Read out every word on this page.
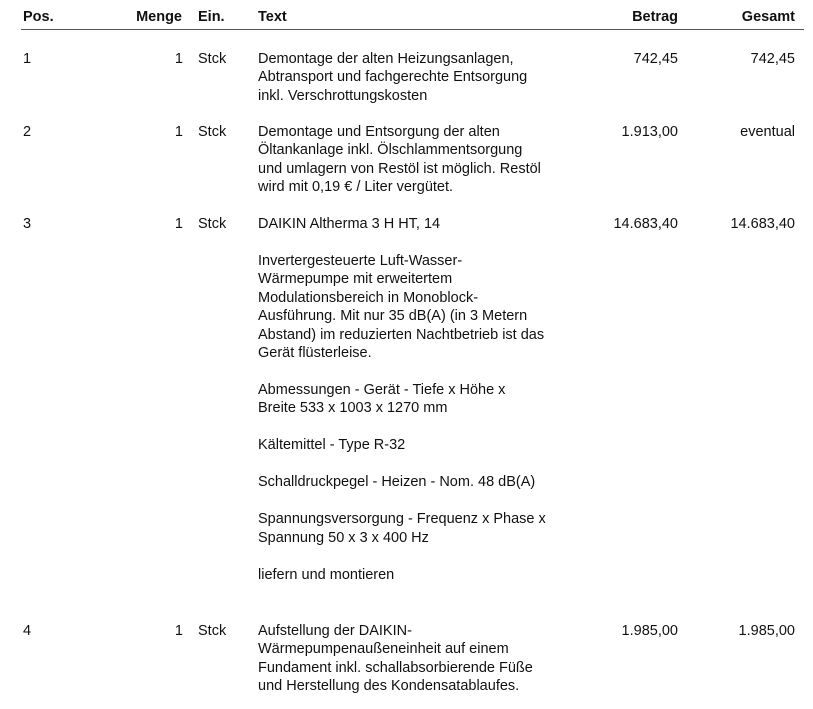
Pos.	Menge Ein. Text	Betrag	Gesamt
1	1 Stck Demontage der alten Heizungsanlagen,
Abtransport und fachgerechte Entsorgung
inkl. Verschrottungskosten

742,45	742,45
2	1 Stck Demontage und Entsorgung der alten
Öltankanlage inkl. Ölschlammentsorgung
und umlagern von Restöl ist möglich. Restöl
wird mit 0,19 € / Liter vergütet.

1.913,00	eventual
3	1 Stck DAIKIN Altherma 3 H HT, 14

Invertergesteuerte Luft-Wasser-
Wärmepumpe mit erweitertem
Modulationsbereich in Monoblock-
Ausführung. Mit nur 35 dB(A) (in 3 Metern
Abstand) im reduzierten Nachtbetrieb ist das
Gerät flüsterleise.

Abmessungen - Gerät - Tiefe x Höhe x
Breite 533 x 1003 x 1270 mm

Kältemittel - Type R-32

Schalldruckpegel - Heizen - Nom. 48 dB(A)

Spannungsversorgung - Frequenz x Phase x
Spannung 50 x 3 x 400 Hz

liefern und montieren

14.683,40	14.683,40
4	1 Stck Aufstellung der DAIKIN-
Wärmepumpenaußeneinheit auf einem
Fundament inkl. schallabsorbierende Füße
und Herstellung des Kondensatablaufes.

1.985,00	1.985,00
